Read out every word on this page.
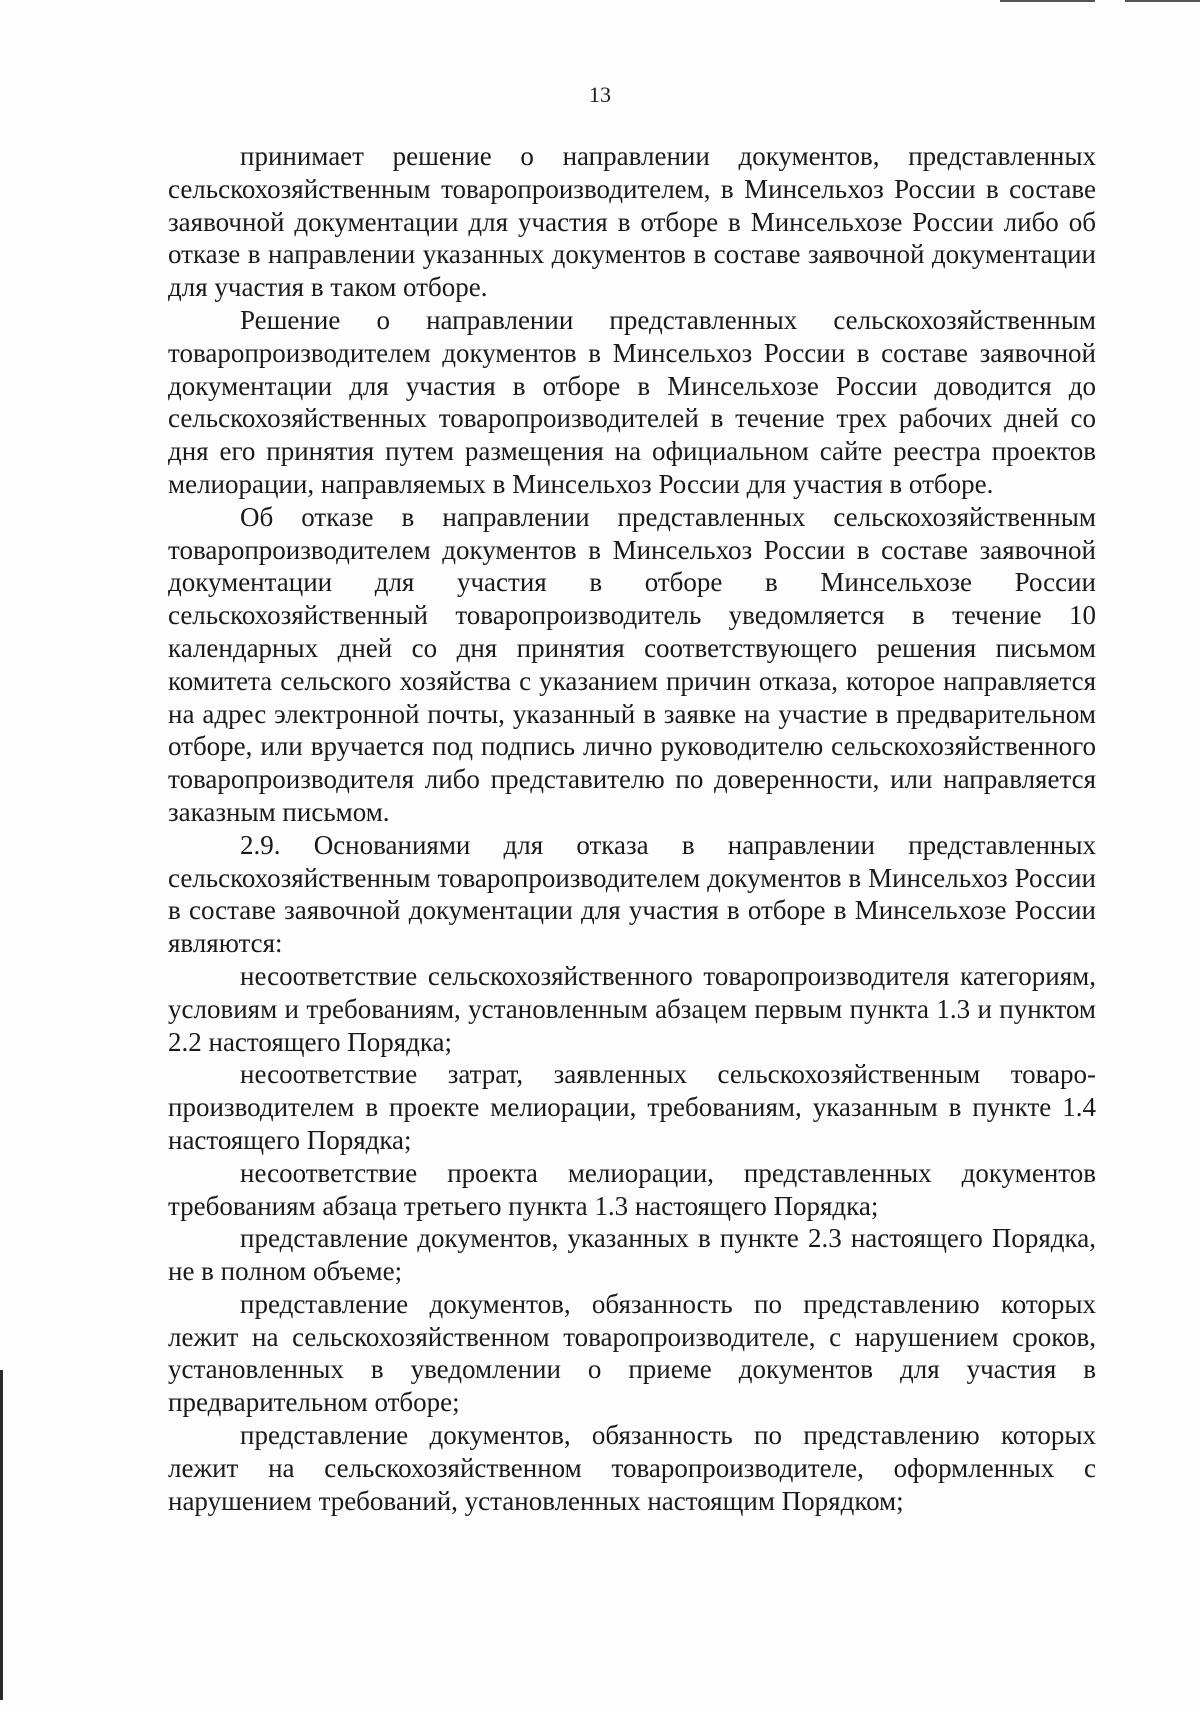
13

принимает решение о направлении документов, представленных сельскохозяйственным товаропроизводителем, в Минсельхоз России в составе заявочной документации для участия в отборе в Минсельхозе России либо об отказе в направлении указанных документов в составе заявочной документации для участия в таком отборе.

Решение о направлении представленных сельскохозяйственным товаропроизводителем документов в Минсельхоз России в составе заявочной документации для участия в отборе в Минсельхозе России доводится до сельскохозяйственных товаропроизводителей в течение трех рабочих дней со дня его принятия путем размещения на официальном сайте реестра проектов мелиорации, направляемых в Минсельхоз России для участия в отборе.

Об отказе в направлении представленных сельскохозяйственным товаропроизводителем документов в Минсельхоз России в составе заявочной документации для участия в отборе в Минсельхозе России сельскохозяйственный товаропроизводитель уведомляется в течение 10 календарных дней со дня принятия соответствующего решения письмом комитета сельского хозяйства с указанием причин отказа, которое направляется на адрес электронной почты, указанный в заявке на участие в предварительном отборе, или вручается под подпись лично руководителю сельскохозяйственного товаропроизводителя либо представителю по доверенности, или направляется заказным письмом.

2.9. Основаниями для отказа в направлении представленных сельскохозяйственным товаропроизводителем документов в Минсельхоз России в составе заявочной документации для участия в отборе в Минсельхозе России являются:

несоответствие сельскохозяйственного товаропроизводителя категориям, условиям и требованиям, установленным абзацем первым пункта 1.3 и пунктом 2.2 настоящего Порядка;

несоответствие затрат, заявленных сельскохозяйственным товаро-производителем в проекте мелиорации, требованиям, указанным в пункте 1.4 настоящего Порядка;

несоответствие проекта мелиорации, представленных документов требованиям абзаца третьего пункта 1.3 настоящего Порядка;

представление документов, указанных в пункте 2.3 настоящего Порядка, не в полном объеме;

представление документов, обязанность по представлению которых лежит на сельскохозяйственном товаропроизводителе, с нарушением сроков, установленных в уведомлении о приеме документов для участия в предварительном отборе;

представление документов, обязанность по представлению которых лежит на сельскохозяйственном товаропроизводителе, оформленных с нарушением требований, установленных настоящим Порядком;
